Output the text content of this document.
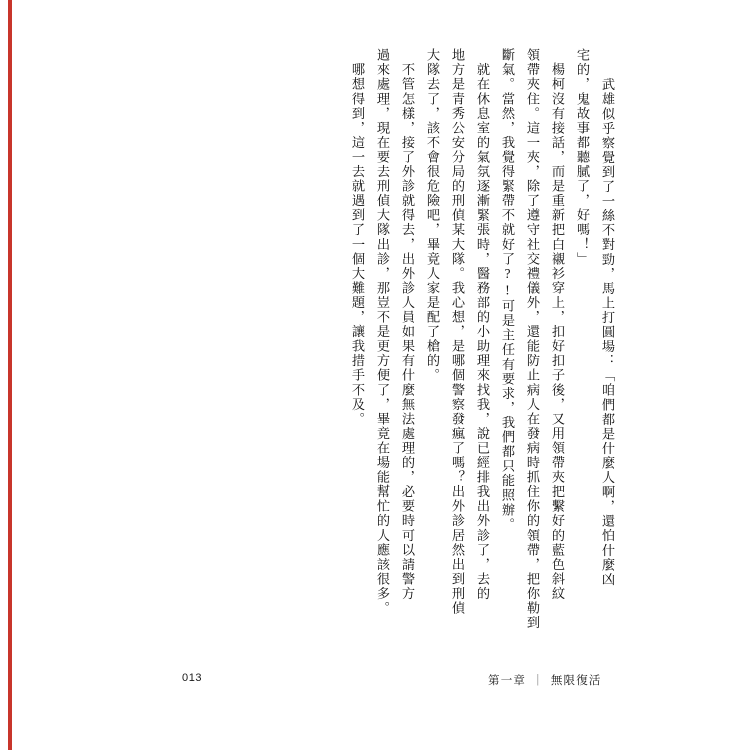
　武雄似乎察覺到了一絲不對勁，馬上打圓場：「咱們都是什麼人啊，還怕什麼凶
宅的，鬼故事都聽膩了，好嗎！」
　楊柯沒有接話，而是重新把白襯衫穿上，扣好扣子後，又用領帶夾把繫好的藍色斜紋
領帶夾住。這一夾，除了遵守社交禮儀外，還能防止病人在發病時抓住你的領帶，把你勒到
斷氣。當然，我覺得緊帶不就好了?!可是主任有要求，我們都只能照辦。
　就在休息室的氣氛逐漸緊張時，醫務部的小助理來找我，說已經排我出外診了，去的
地方是青秀公安分局的刑偵某大隊。我心想，是哪個警察發瘋了嗎？出外診居然出到刑偵
大隊去了，該不會很危險吧，畢竟人家是配了槍的。
　不管怎樣，接了外診就得去，出外診人員如果有什麼無法處理的，必要時可以請警方
過來處理，現在要去刑偵大隊出診，那豈不是更方便了，畢竟在場能幫忙的人應該很多。
　哪想得到，這一去就遇到了一個大難題，讓我措手不及。
013	第一章 ｜ 無限復活
